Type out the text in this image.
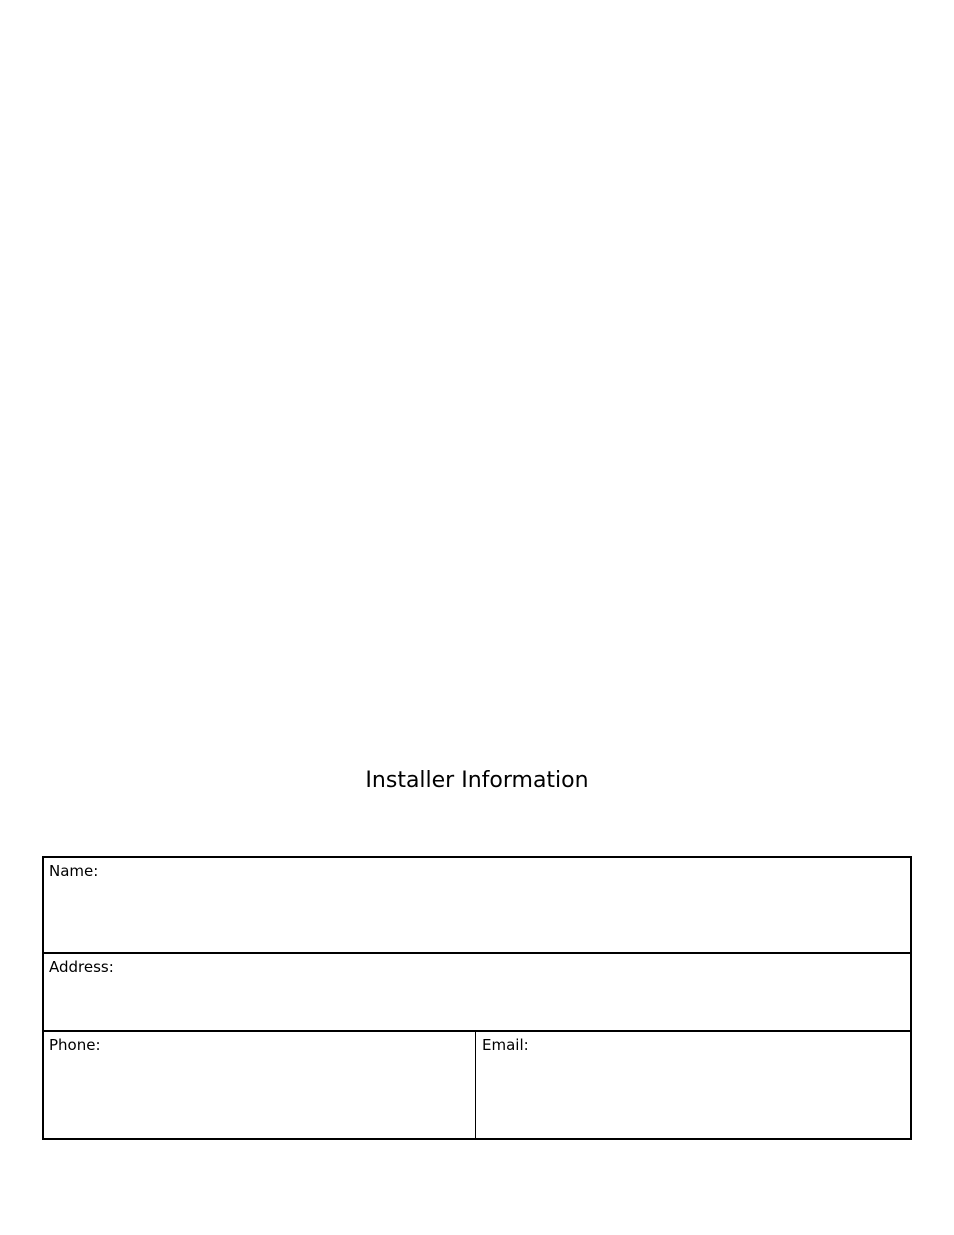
Installer Information
Name:
Address:
Phone:	Email:
